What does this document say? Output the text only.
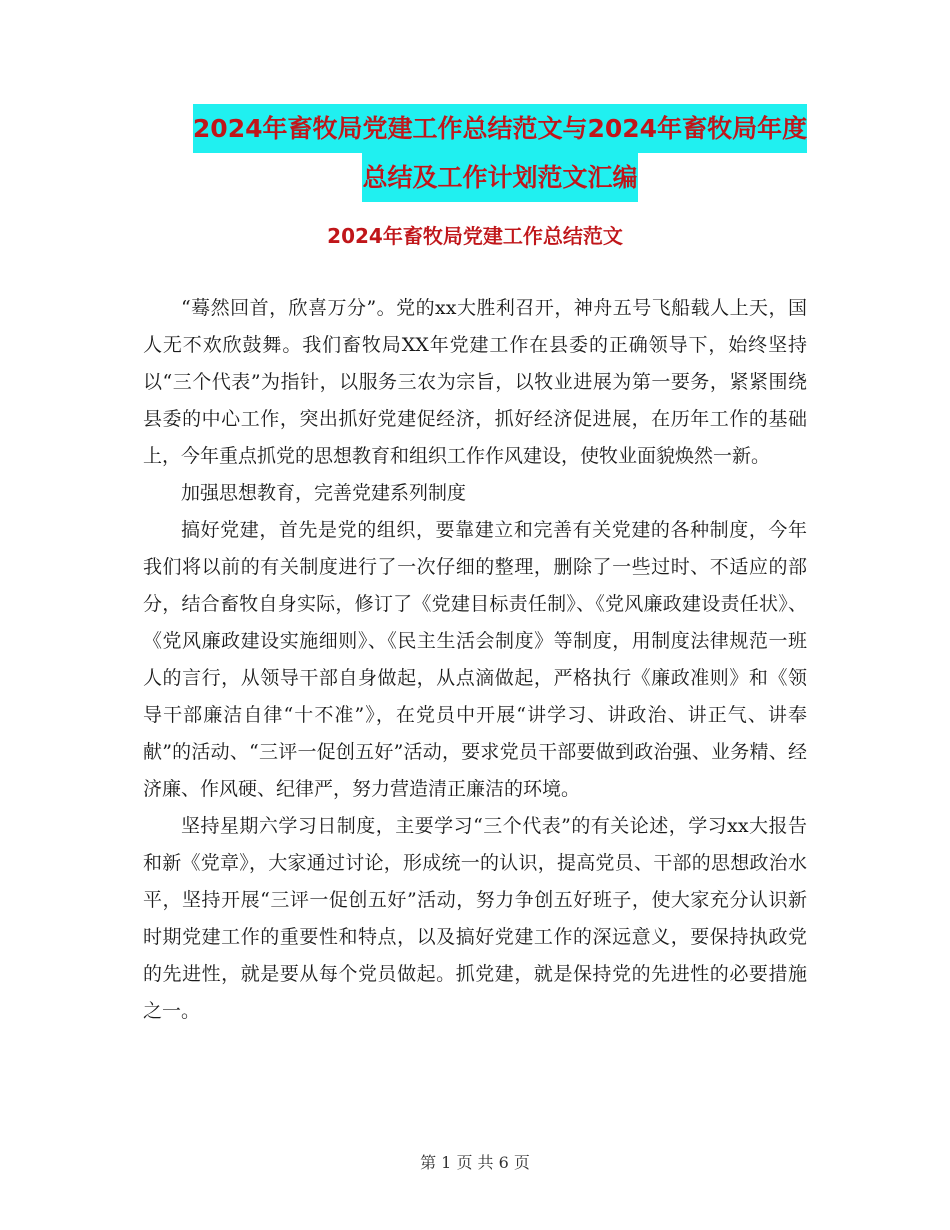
2024年畜牧局党建工作总结范文与2024年畜牧局年度
总结及工作计划范文汇编
2024年畜牧局党建工作总结范文

“蓦然回首，欣喜万分”。党的xx大胜利召开，神舟五号飞船载人上天，国人无不欢欣鼓舞。我们畜牧局XX年党建工作在县委的正确领导下，始终坚持以“三个代表”为指针，以服务三农为宗旨，以牧业进展为第一要务，紧紧围绕县委的中心工作，突出抓好党建促经济，抓好经济促进展，在历年工作的基础上，今年重点抓党的思想教育和组织工作作风建设，使牧业面貌焕然一新。

加强思想教育，完善党建系列制度

搞好党建，首先是党的组织，要靠建立和完善有关党建的各种制度，今年我们将以前的有关制度进行了一次仔细的整理，删除了一些过时、不适应的部分，结合畜牧自身实际，修订了《党建目标责任制》、《党风廉政建设责任状》、《党风廉政建设实施细则》、《民主生活会制度》等制度，用制度法律规范一班人的言行，从领导干部自身做起，从点滴做起，严格执行《廉政准则》和《领导干部廉洁自律“十不准”》，在党员中开展“讲学习、讲政治、讲正气、讲奉献”的活动、“三评一促创五好”活动，要求党员干部要做到政治强、业务精、经济廉、作风硬、纪律严，努力营造清正廉洁的环境。

坚持星期六学习日制度，主要学习“三个代表”的有关论述，学习xx大报告和新《党章》，大家通过讨论，形成统一的认识，提高党员、干部的思想政治水平，坚持开展“三评一促创五好”活动，努力争创五好班子，使大家充分认识新时期党建工作的重要性和特点，以及搞好党建工作的深远意义，要保持执政党的先进性，就是要从每个党员做起。抓党建，就是保持党的先进性的必要措施之一。

第 1 页 共 6 页
